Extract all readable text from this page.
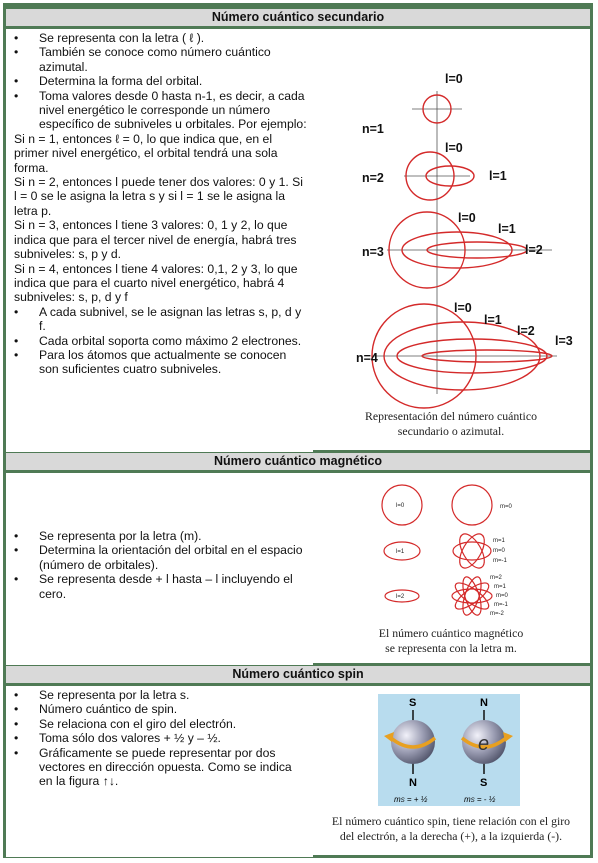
Número cuántico secundario
• Se representa con la letra ( ℓ ).
• También se conoce como número cuántico azimutal.
• Determina la forma del orbital.
• Toma valores desde 0 hasta n-1, es decir, a cada nivel energético le corresponde un número específico de subniveles u orbitales. Por ejemplo:

Si n = 1, entonces ℓ = 0, lo que indica que, en el primer nivel energético, el orbital tendrá una sola forma.

Si n = 2, entonces l puede tener dos valores: 0 y 1. Si l = 0 se le asigna la letra s y si l = 1 se le asigna la letra p.

Si n = 3, entonces l tiene 3 valores: 0, 1 y 2, lo que indica que para el tercer nivel de energía, habrá tres subniveles: s, p y d.

Si n = 4, entonces l tiene 4 valores: 0,1, 2 y 3, lo que indica que para el cuarto nivel energético, habrá 4 subniveles: s, p, d y f

• A cada subnivel, se le asignan las letras s, p, d y f.
• Cada orbital soporta como máximo 2 electrones.
• Para los átomos que actualmente se conocen son suficientes cuatro subniveles.
l=0
n=1
l=0
n=2	l=1
l=0
l=1
n=3	l=2
l=0
l=1
l=2
l=3
n=4
Representación del número cuántico
secundario o azimutal.
Número cuántico magnético
• Se representa por la letra (m).
• Determina la orientación del orbital en el espacio (número de orbitales).
• Se representa desde + l hasta – l incluyendo el cero.
l=0	m=0
l=1
m=1
m=0
m=-1
l=2
m=2
m=1
m=0
m=-1
m=-2
El número cuántico magnético
se representa con la letra m.
Número cuántico spin
• Se representa por la letra s.
• Número cuántico de spin.
• Se relaciona con el giro del electrón.
• Toma sólo dos valores + ½ y – ½.
• Gráficamente se puede representar por dos vectores en dirección opuesta. Como se indica en la figura ↑↓.
S
N
mS = + ½
e
N
S
mS = - ½
El número cuántico spin, tiene relación con el giro
del electrón, a la derecha (+), a la izquierda (-).
